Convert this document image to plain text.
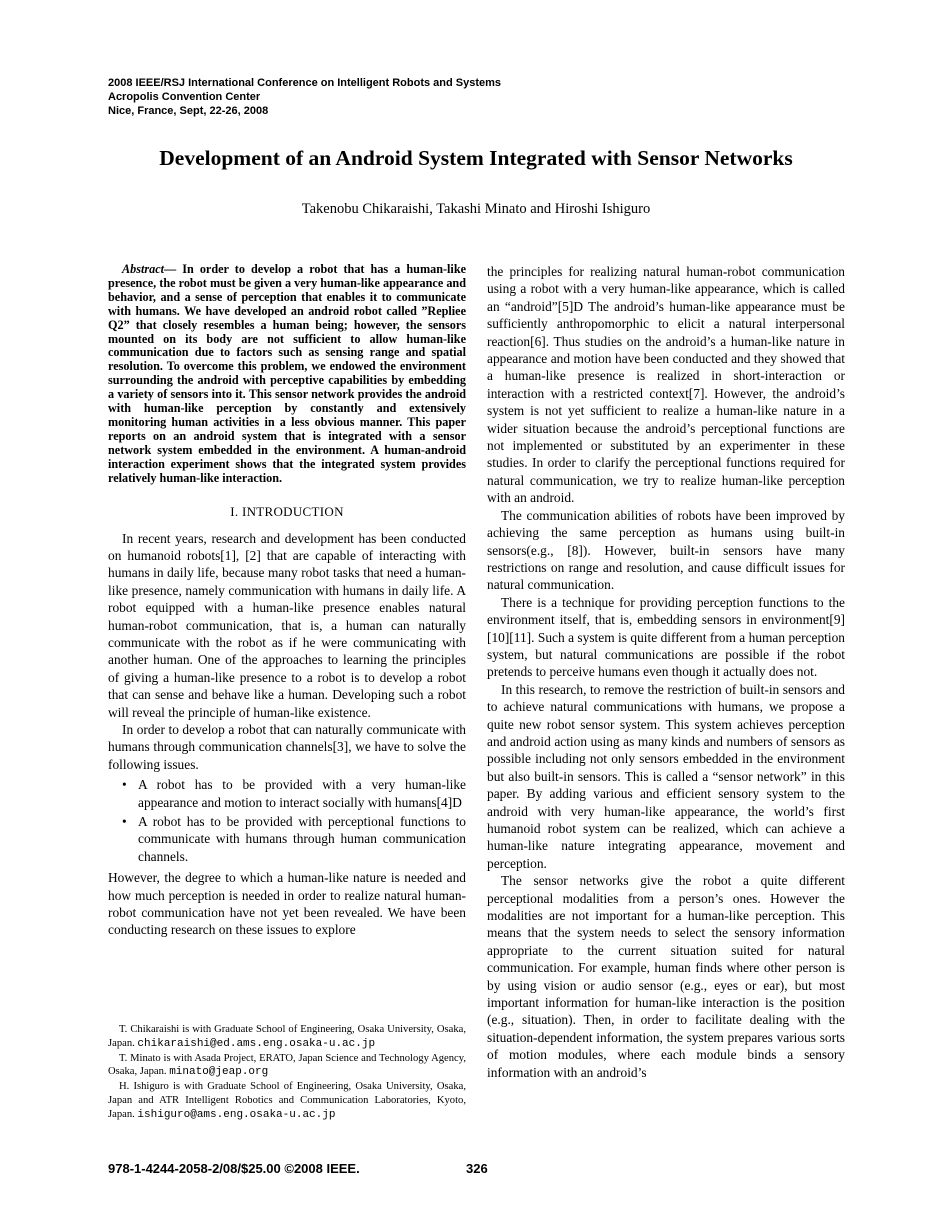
2008 IEEE/RSJ International Conference on Intelligent Robots and Systems
Acropolis Convention Center
Nice, France, Sept, 22-26, 2008
Development of an Android System Integrated with Sensor Networks
Takenobu Chikaraishi, Takashi Minato and Hiroshi Ishiguro

Abstract— In order to develop a robot that has a human-like presence, the robot must be given a very human-like appearance and behavior, and a sense of perception that enables it to communicate with humans. We have developed an android robot called ”Repliee Q2” that closely resembles a human being; however, the sensors mounted on its body are not sufficient to allow human-like communication due to factors such as sensing range and spatial resolution. To overcome this problem, we endowed the environment surrounding the android with perceptive capabilities by embedding a variety of sensors into it. This sensor network provides the android with human-like perception by constantly and extensively monitoring human activities in a less obvious manner. This paper reports on an android system that is integrated with a sensor network system embedded in the environment. A human-android interaction experiment shows that the integrated system provides relatively human-like interaction.

I. INTRODUCTION

In recent years, research and development has been conducted on humanoid robots[1], [2] that are capable of interacting with humans in daily life, because many robot tasks that need a human-like presence, namely communication with humans in daily life. A robot equipped with a human-like presence enables natural human-robot communication, that is, a human can naturally communicate with the robot as if he were communicating with another human. One of the approaches to learning the principles of giving a human-like presence to a robot is to develop a robot that can sense and behave like a human. Developing such a robot will reveal the principle of human-like existence.

In order to develop a robot that can naturally communicate with humans through communication channels[3], we have to solve the following issues.

• A robot has to be provided with a very human-like appearance and motion to interact socially with humans[4]D
• A robot has to be provided with perceptional functions to communicate with humans through human communication channels.

However, the degree to which a human-like nature is needed and how much perception is needed in order to realize natural human-robot communication have not yet been revealed. We have been conducting research on these issues to explore

T. Chikaraishi is with Graduate School of Engineering, Osaka University, Osaka, Japan. chikaraishi@ed.ams.eng.osaka-u.ac.jp

T. Minato is with Asada Project, ERATO, Japan Science and Technology Agency, Osaka, Japan. minato@jeap.org

H. Ishiguro is with Graduate School of Engineering, Osaka University, Osaka, Japan and ATR Intelligent Robotics and Communication Laboratories, Kyoto, Japan. ishiguro@ams.eng.osaka-u.ac.jp

the principles for realizing natural human-robot communication using a robot with a very human-like appearance, which is called an “android”[5]D The android’s human-like appearance must be sufficiently anthropomorphic to elicit a natural interpersonal reaction[6]. Thus studies on the android’s a human-like nature in appearance and motion have been conducted and they showed that a human-like presence is realized in short-interaction or interaction with a restricted context[7]. However, the android’s system is not yet sufficient to realize a human-like nature in a wider situation because the android’s perceptional functions are not implemented or substituted by an experimenter in these studies. In order to clarify the perceptional functions required for natural communication, we try to realize human-like perception with an android.

The communication abilities of robots have been improved by achieving the same perception as humans using built-in sensors(e.g., [8]). However, built-in sensors have many restrictions on range and resolution, and cause difficult issues for natural communication.

There is a technique for providing perception functions to the environment itself, that is, embedding sensors in environment[9][10][11]. Such a system is quite different from a human perception system, but natural communications are possible if the robot pretends to perceive humans even though it actually does not.

In this research, to remove the restriction of built-in sensors and to achieve natural communications with humans, we propose a quite new robot sensor system. This system achieves perception and android action using as many kinds and numbers of sensors as possible including not only sensors embedded in the environment but also built-in sensors. This is called a “sensor network” in this paper. By adding various and efficient sensory system to the android with very human-like appearance, the world’s first humanoid robot system can be realized, which can achieve a human-like nature integrating appearance, movement and perception.

The sensor networks give the robot a quite different perceptional modalities from a person’s ones. However the modalities are not important for a human-like perception. This means that the system needs to select the sensory information appropriate to the current situation suited for natural communication. For example, human finds where other person is by using vision or audio sensor (e.g., eyes or ear), but most important information for human-like interaction is the position (e.g., situation). Then, in order to facilitate dealing with the situation-dependent information, the system prepares various sorts of motion modules, where each module binds a sensory information with an android’s

978-1-4244-2058-2/08/$25.00 ©2008 IEEE.	326
